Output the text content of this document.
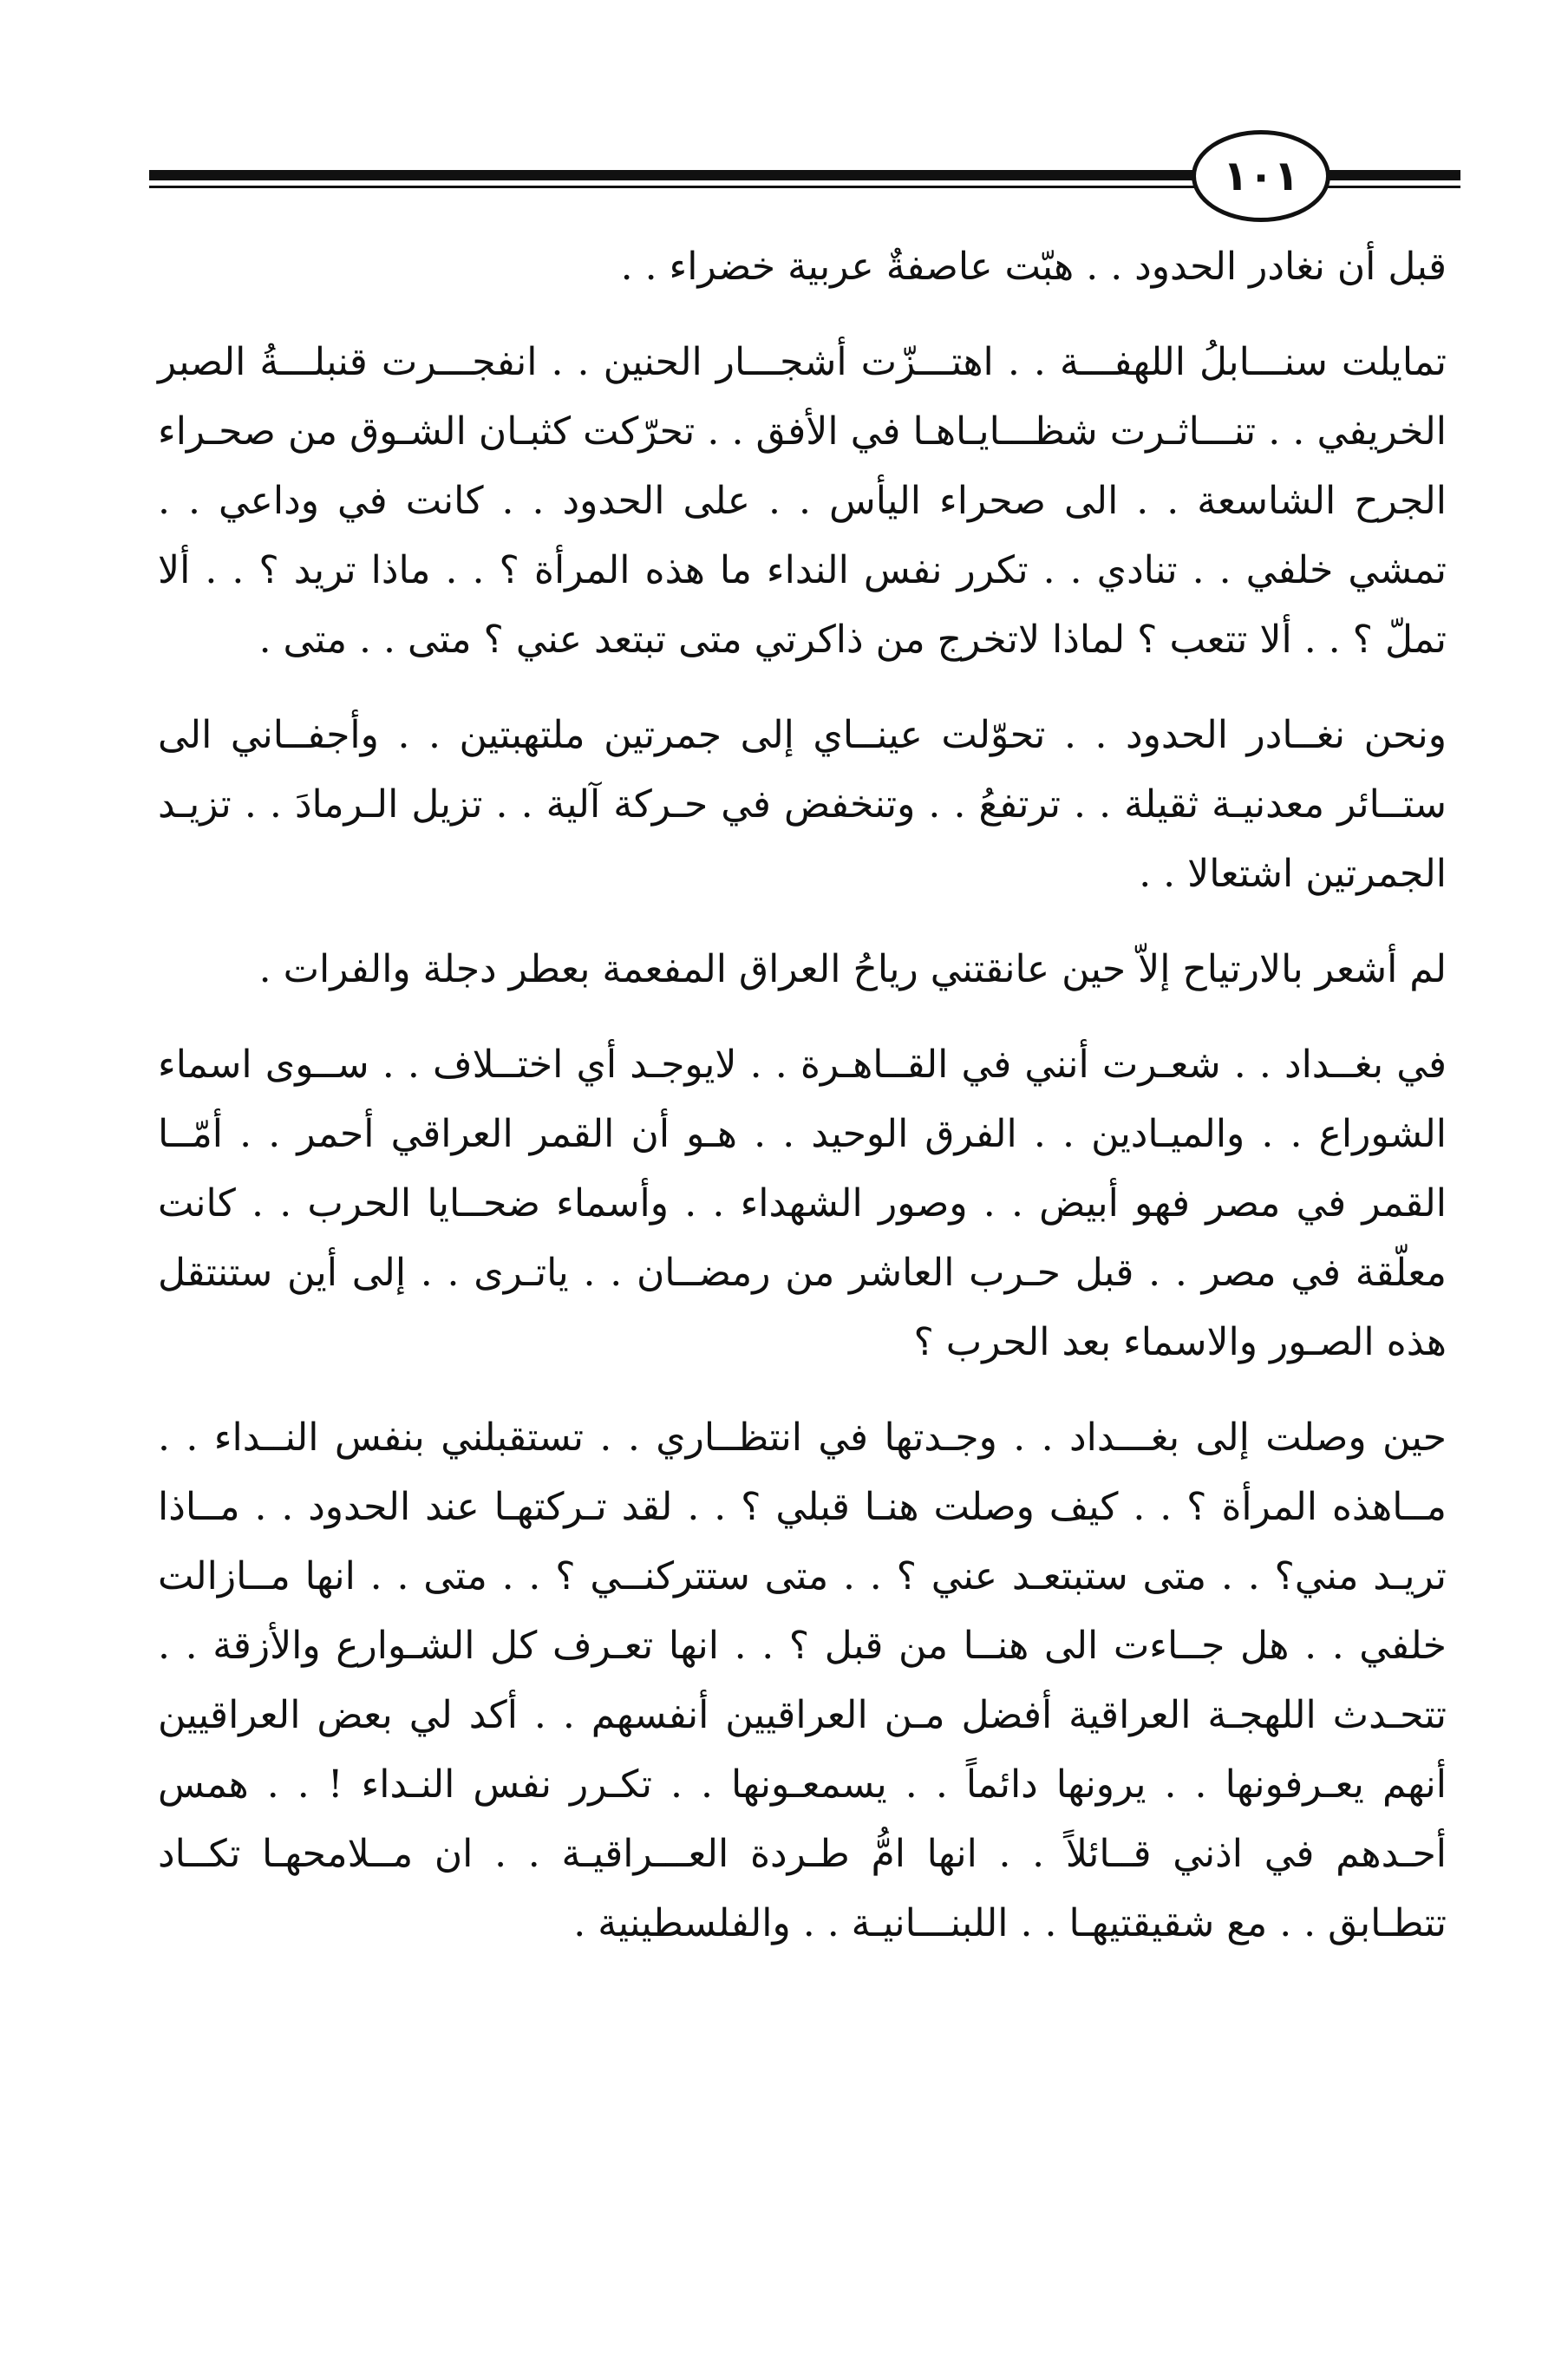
١٠١

قبل أن نغادر الحدود . . هبّت عاصفةٌ عربية خضراء . .

تمايلت سنـــابلُ اللهفـــة . . اهتـــزّت أشجـــار الحنين . . انفجـــرت قنبلـــةُ الصبر الخريفي . . تنـــاثـرت شظـــايـاهـا في الأفق . . تحرّكت كثبـان الشـوق من صحـراء الجرح الشاسعة . . الى صحراء اليأس . . على الحدود . . كانت في وداعي . . تمشي خلفي . . تنادي . . تكرر نفس النداء ما هذه المرأة ؟ . . ماذا تريد ؟ . . ألا تملّ ؟ . . ألا تتعب ؟ لماذا لاتخرج من ذاكرتي متى تبتعد عني ؟ متى . . متى .

ونحن نغــادر الحدود . . تحوّلت عينــاي إلى جمرتين ملتهبتين . . وأجفــاني الى ستــائر معدنيـة ثقيلة . . ترتفعُ . . وتنخفض في حـركة آلية . . تزيل الـرمادَ . . تزيـد الجمرتين اشتعالا . .

لم أشعر بالارتياح إلاّ حين عانقتني رياحُ العراق المفعمة بعطر دجلة والفرات .

في بغــداد . . شعـرت أنني في القــاهـرة . . لايوجـد أي اختــلاف . . ســوى اسماء الشوراع . . والميـادين . . الفرق الوحيد . . هـو أن القمر العراقي أحمر . . أمّــا القمر في مصر فهو أبيض . . وصور الشهداء . . وأسماء ضحــايا الحرب . . كانت معلّقة في مصر . . قبل حـرب العاشر من رمضــان . . ياتـرى . . إلى أين ستنتقل هذه الصـور والاسماء بعد الحرب ؟

حين وصلت إلى بغـــداد . . وجـدتها في انتظــاري . . تستقبلني بنفس النــداء . . مــاهذه المرأة ؟ . . كيف وصلت هنـا قبلي ؟ . . لقد تـركتهـا عند الحدود . . مــاذا تريـد مني؟ . . متى ستبتعـد عني ؟ . . متى ستتركنــي ؟ . . متى . . انها مــازالت خلفي . . هل جــاءت الى هنــا من قبل ؟ . . انها تعـرف كل الشـوارع والأزقة . . تتحـدث اللهجـة العراقية أفضل مـن العراقيين أنفسهم . . أكد لي بعض العراقيين أنهم يعـرفونها . . يرونها دائماً . . يسمعـونها . . تكـرر نفس النـداء ! . . همس أحـدهم في اذني قــائلاً . . انها امُّ طـردة العـــراقيـة . . ان مــلامحهـا تكــاد تتطـابق . . مع شقيقتيهـا . . اللبنـــانيـة . . والفلسطينية .
